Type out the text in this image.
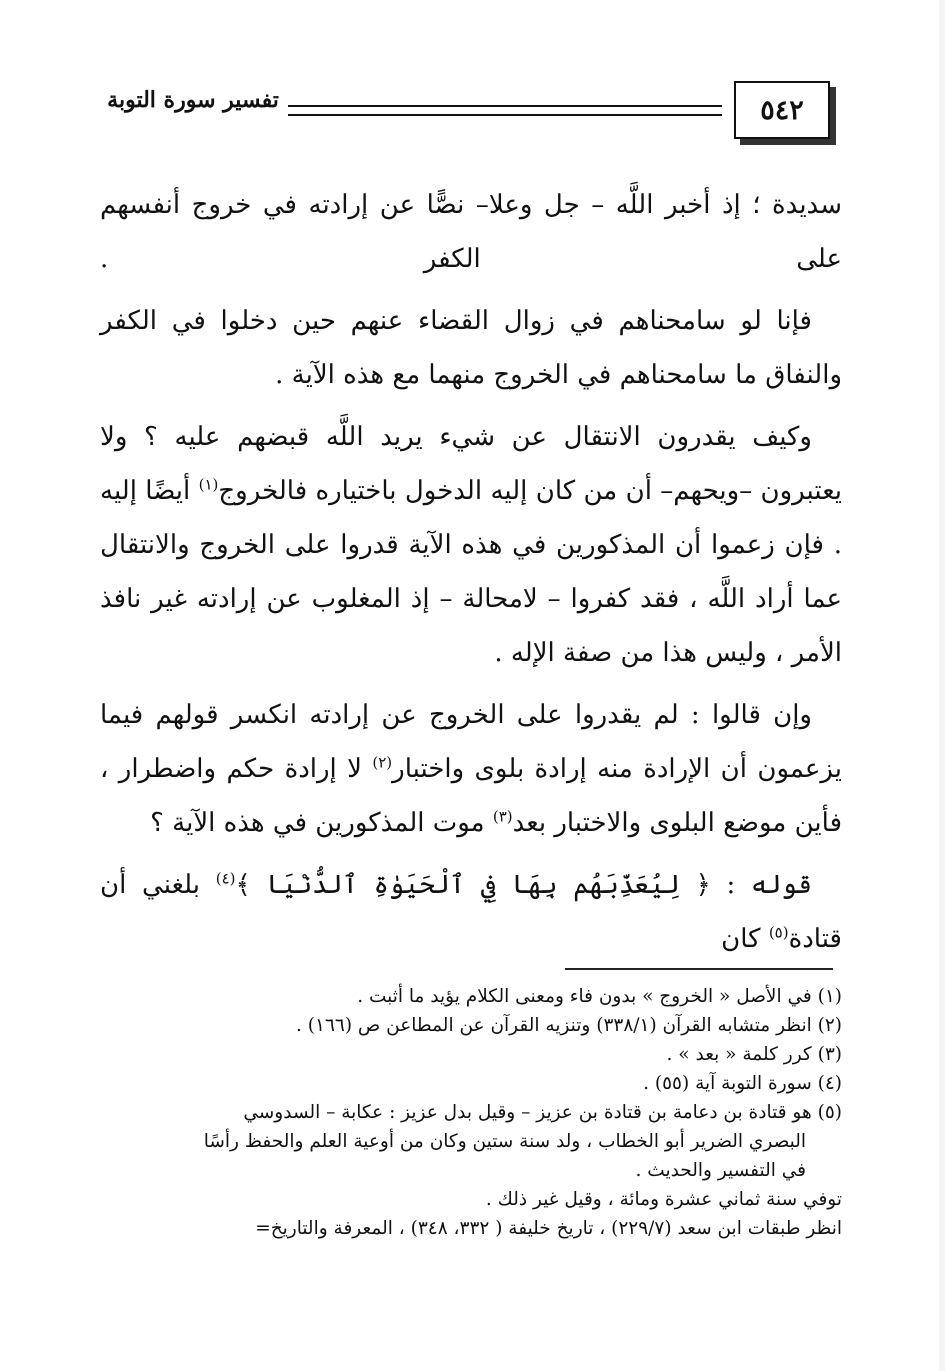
٥٤٢
تفسير سورة التوبة

سديدة ؛ إذ أخبر اللَّه – جل وعلا– نصًّا عن إرادته في خروج أنفسهم على الكفر .

فإنا لو سامحناهم في زوال القضاء عنهم حين دخلوا في الكفر والنفاق ما سامحناهم في الخروج منهما مع هذه الآية .

وكيف يقدرون الانتقال عن شيء يريد اللَّه قبضهم عليه ؟ ولا يعتبرون –ويحهم– أن من كان إليه الدخول باختياره فالخروج$^{(١)}$ أيضًا إليه . فإن زعموا أن المذكورين في هذه الآية قدروا على الخروج والانتقال عما أراد اللَّه ، فقد كفروا – لامحالة – إذ المغلوب عن إرادته غير نافذ الأمر ، وليس هذا من صفة الإله .

وإن قالوا : لم يقدروا على الخروج عن إرادته انكسر قولهم فيما يزعمون أن الإرادة منه إرادة بلوى واختبار$^{(٢)}$ لا إرادة حكم واضطرار ، فأين موضع البلوى والاختبار بعد$^{(٣)}$ موت المذكورين في هذه الآية ؟

قوله : ﴿ لِيُعَذِّبَهُم بِهَا فِي ٱلْحَيَوٰةِ ٱلدُّنْيَا ﴾$^{(٤)}$ بلغني أن قتادة$^{(٥)}$ كان

(١) في الأصل « الخروج » بدون فاء ومعنى الكلام يؤيد ما أثبت .

(٢) انظر متشابه القرآن (٣٣٨/١) وتنزيه القرآن عن المطاعن ص (١٦٦) .

(٣) كرر كلمة « بعد » .

(٤) سورة التوبة آية (٥٥) .

(٥) هو قتادة بن دعامة بن قتادة بن عزيز – وقيل بدل عزيز : عكابة – السدوسي

البصري الضرير أبو الخطاب ، ولد سنة ستين وكان من أوعية العلم والحفظ رأسًا

في التفسير والحديث .

توفي سنة ثماني عشرة ومائة ، وقيل غير ذلك .

انظر طبقات ابن سعد (٢٢٩/٧) ، تاريخ خليفة ( ٣٣٢، ٣٤٨) ، المعرفة والتاريخ=
